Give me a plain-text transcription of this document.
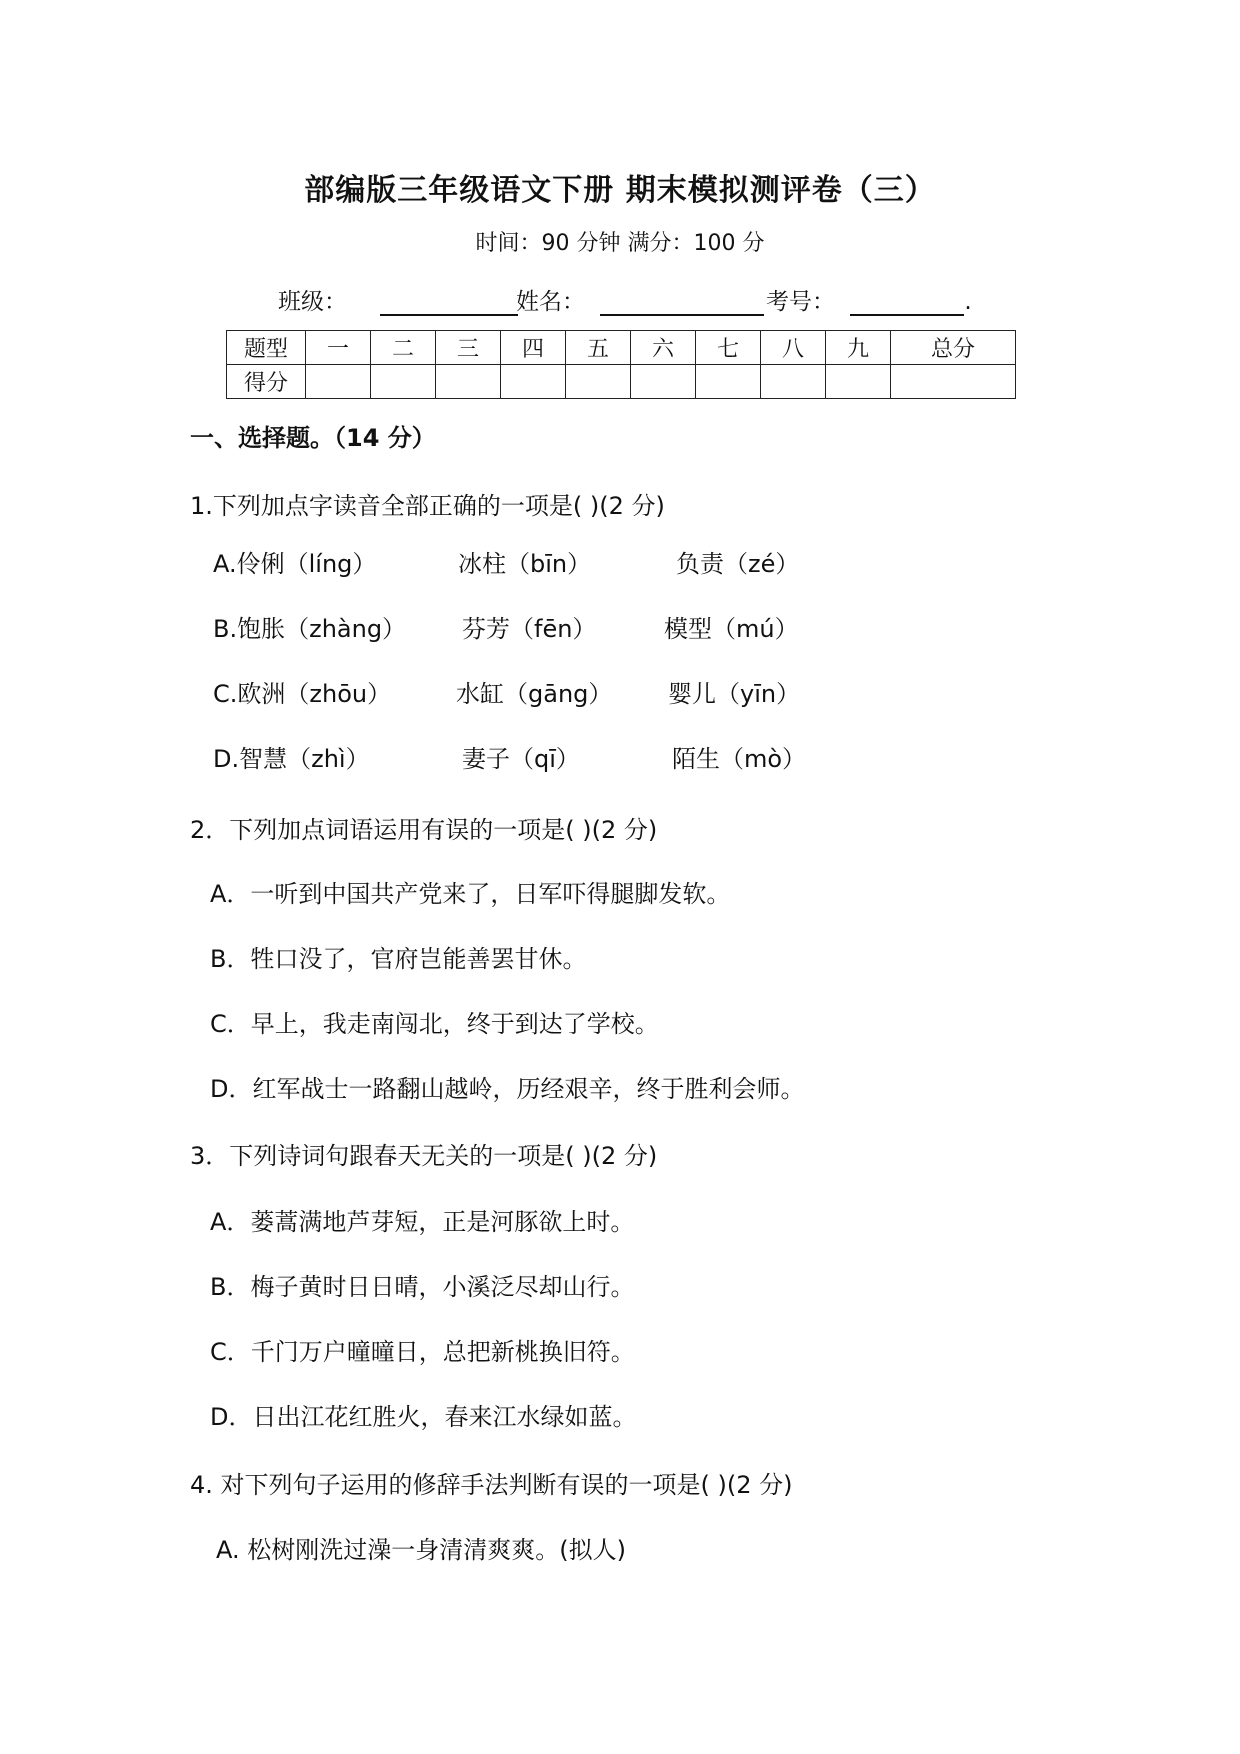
部编版三年级语文下册 期末模拟测评卷（三）
时间：90 分钟 满分：100 分
班级：	姓名：	考号：	.
题型	一	二	三	四	五	六	七	八	九	总分
得分										
一、选择题。（14 分）
1.下列加点字读音全部正确的一项是( )(2 分)
A.伶俐（líng）	冰柱（bīn）	负责（zé）
B.饱胀（zhàng） 芬芳（fēn）	模型（mú）
C.欧洲（zhōu）	水缸（gāng） 婴儿（yīn）
D.智慧（zhì）	妻子（qī）	陌生（mò）
2．下列加点词语运用有误的一项是( )(2 分)
A．一听到中国共产党来了，日军吓得腿脚发软。
B．牲口没了，官府岂能善罢甘休。
C．早上，我走南闯北，终于到达了学校。
D．红军战士一路翻山越岭，历经艰辛，终于胜利会师。
3．下列诗词句跟春天无关的一项是( )(2 分)
A．蒌蒿满地芦芽短，正是河豚欲上时。
B．梅子黄时日日晴，小溪泛尽却山行。
C．千门万户曈曈日，总把新桃换旧符。
D．日出江花红胜火，春来江水绿如蓝。
4. 对下列句子运用的修辞手法判断有误的一项是( )(2 分)
A. 松树刚洗过澡一身清清爽爽。(拟人)
